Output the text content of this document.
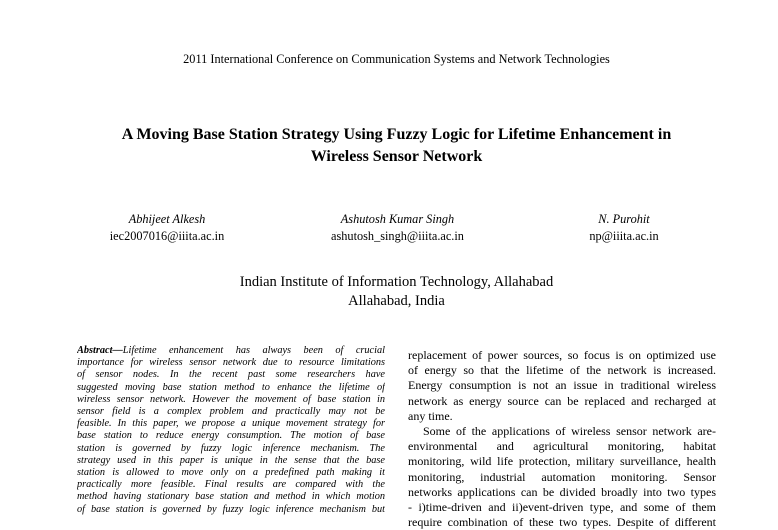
2011 International Conference on Communication Systems and Network Technologies

A Moving Base Station Strategy Using Fuzzy Logic for Lifetime Enhancement in
Wireless Sensor Network
Abhijeet Alkesh
iec2007016@iiita.ac.in
Ashutosh Kumar Singh
ashutosh_singh@iiita.ac.in
N. Purohit
np@iiita.ac.in
Indian Institute of Information Technology, Allahabad
Allahabad, India

Abstract—Lifetime enhancement has always been of crucial

importance for wireless sensor network due to resource limitations

of sensor nodes. In the recent past some researchers have

suggested moving base station method to enhance the lifetime of

wireless sensor network. However the movement of base station in

sensor field is a complex problem and practically may not be

feasible. In this paper, we propose a unique movement strategy for

base station to reduce energy consumption. The motion of base

station is governed by fuzzy logic inference mechanism. The

strategy used in this paper is unique in the sense that the base

station is allowed to move only on a predefined path making it

practically more feasible. Final results are compared with the

method having stationary base station and method in which motion

of base station is governed by fuzzy logic inference mechanism but

replacement of power sources, so focus is on optimized use

of energy so that the lifetime of the network is increased.

Energy consumption is not an issue in traditional wireless

network as energy source can be replaced and recharged at

any time.

Some of the applications of wireless sensor network are-

environmental and agricultural monitoring, habitat

monitoring, wild life protection, military surveillance, health

monitoring, industrial automation monitoring. Sensor

networks applications can be divided broadly into two types

- i)time-driven and ii)event-driven type, and some of them

require combination of these two types. Despite of different
